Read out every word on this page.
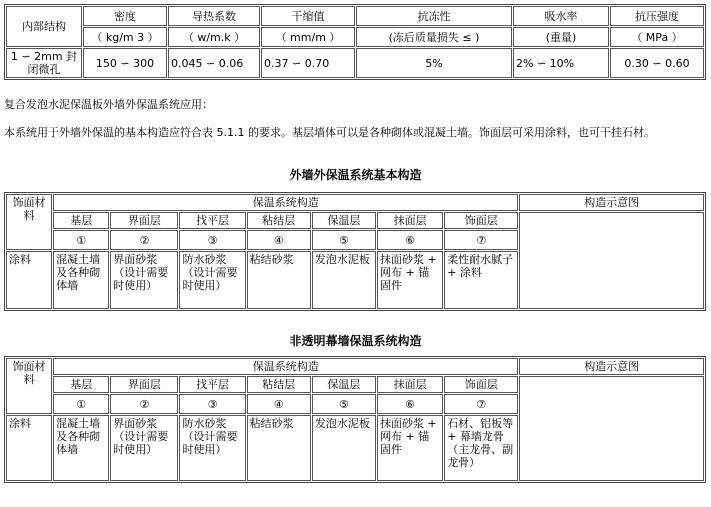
内部结构	密度	导热系数	干缩值	抗冻性	吸水率	抗压强度
	（ kg/m 3 ）	（ w/m.k ）	（ mm/m ）	(冻后质量损失 ≤ )	(重量)	（ MPa ）
1 ∽ 2mm 封闭微孔	150 ∽ 300	0.045 ∽ 0.06	0.37 ∽ 0.70	5%	2% ∽ 10%	0.30 ∽ 0.60

复合发泡水泥保温板外墙外保温系统应用：

本系统用于外墙外保温的基本构造应符合表 5.1.1 的要求。基层墙体可以是各种砌体或混凝土墙。饰面层可采用涂料，也可干挂石材。

外墙外保温系统基本构造

饰面材料	保温系统构造							构造示意图
	基层	界面层	找平层	粘结层	保温层	抹面层	饰面层	
	①	②	③	④	⑤	⑥	⑦	
涂料	混凝土墙及各种砌体墙	界面砂浆（设计需要时使用）	防水砂浆（设计需要时使用）	粘结砂浆	发泡水泥板	抹面砂浆 + 网布 + 锚固件	柔性耐水腻子 + 涂料	

非透明幕墙保温系统构造

饰面材料	保温系统构造							构造示意图
	基层	界面层	找平层	粘结层	保温层	抹面层	饰面层	
	①	②	③	④	⑤	⑥	⑦	
涂料	混凝土墙及各种砌体墙	界面砂浆（设计需要时使用）	防水砂浆（设计需要时使用）	粘结砂浆	发泡水泥板	抹面砂浆 + 网布 + 锚固件	石材、铝板等 + 幕墙龙骨（主龙骨、副龙骨）	
